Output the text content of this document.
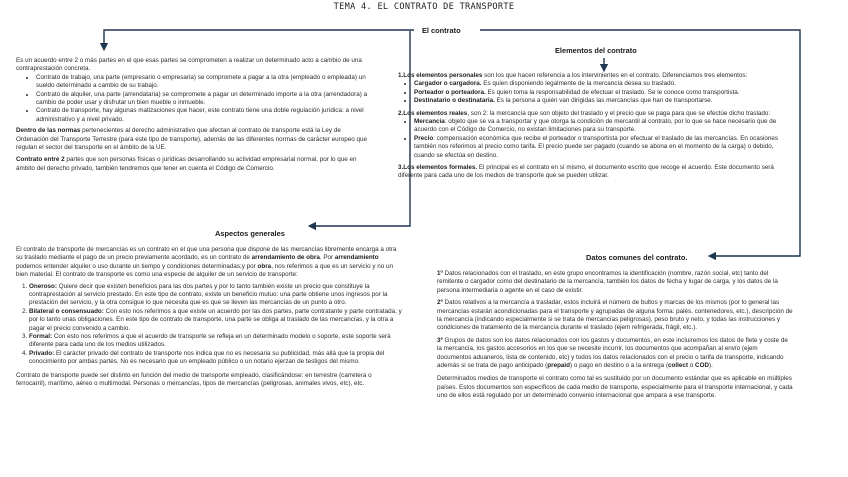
TEMA 4. EL CONTRATO DE TRANSPORTE
El contrato
Elementos del contrato
Aspectos generales
Datos comunes del contrato.

Es un acuerdo entre 2 o más partes en el que esas partes se comprometen a realizar un determinado acto a cambio de una contraprestación concreta.

• Contrato de trabajo, una parte (empresario o empresaria) se compromete a pagar a la otra (empleado o empleada) un sueldo determinado a cambio de su trabajo.
• Contrato de alquiler, una parte (arrendataria) se compromete a pagar un determinado importe a la otra (arrendadora) a cambio de poder usar y disfrutar un bien mueble o inmueble.
• Contrato de transporte, hay algunas matizaciones que hacer, este contrato tiene una doble regulación jurídica: a nivel administrativo y a nivel privado.

Dentro de las normas pertenecientes al derecho administrativo que afectan al contrato de transporte está la Ley de Ordenación del Transporte Terrestre (para este tipo de transporte), además de las diferentes normas de carácter europeo que regulan el sector del transporte en el ámbito de la UE.

Contrato entre 2 partes que son personas físicas o jurídicas desarrollando su actividad empresarial normal, por lo que en ámbito del derecho privado, también tendremos que tener en cuenta el Código de Comercio.

El contrato de transporte de mercancías es un contrato en el que una persona que dispone de las mercancías libremente encarga a otra su traslado mediante el pago de un precio previamente acordado, es un contrato de arrendamiento de obra. Por arrendamiento podemos entender alquiler o uso durante un tiempo y condiciones determinadas;y por obra, nos referimos a que es un servicio y no un bien material. El contrato de transporte es como una especie de alquiler de un servicio de transporte:

1. Oneroso: Quiere decir que existen beneficios para las dos partes y por lo tanto también existe un precio que constituye la contraprestación al servicio prestado. En este tipo de contrato, existe un beneficio mutuo: una parte obtiene unos ingresos por la prestación del servicio, y la otra consigue lo que necesita que es que se lleven las mercancías de un punto a otro.
2. Bilateral o consensuado: Con esto nos referimos a que existe un acuerdo por las dos partes, parte contratante y parte contratada, y por lo tanto unas obligaciones. En este tipo de contrato de transporte, una parte se obliga al traslado de las mercancías, y la otra a pagar el precio convenido a cambio.
3. Formal: Con esto nos referimos a que el acuerdo de transporte se refleja en un determinado modelo o soporte, este soporte será diferente para cada uno de los medios utilizados.
4. Privado: El carácter privado del contrato de transporte nos indica que no es necesaria su publicidad, más allá que la propia del conocimiento por ambas partes. No es necesario que un empleado público o un notario ejerzan de testigos del mismo.

Contrato de transporte puede ser distinto en función del medio de transporte empleado, clasificándose: en terrestre (carretera o ferrocarril), marítimo, aéreo o multimodal. Personas o mercancías, tipos de mercancías (peligrosas, animales vivos, etc), etc.

1.Los elementos personales son los que hacen referencia a los intervinientes en el contrato. Diferenciamos tres elementos:

• Cargador o cargadora. Es quien disponiendo legalmente de la mercancía desea su traslado.
• Porteador o porteadora. Es quien toma la responsabilidad de efectuar el traslado. Se le conoce como transportista.
• Destinatario o destinataria. Es la persona a quién van dirigidas las mercancías que han de transportarse.

2.Los elementos reales, son 2: la mercancía que son objeto del traslado y el precio que se paga para que se efectúe dicho traslado:

• Mercancía: objeto que se va a transportar y que otorga la condición de mercantil al contrato, por lo que se hace necesario que de acuerdo con el Código de Comercio, no existan limitaciones para su transporte.
• Precio: compensación económica que recibe el porteador o transportista por efectuar el traslado de las mercancías. En ocasiones también nos referimos al precio como tarifa. El precio puede ser pagado (cuando se abona en el momento de la carga) o debido, cuando se efectúa en destino.

3.Los elementos formales. El principal es el contrato en sí mismo, el documento escrito que recoge el acuerdo. Este documento será diferente para cada uno de los medios de transporte que se pueden utilizar.

1º Datos relacionados con el traslado, en este grupo encontramos la identificación (nombre, razón social, etc) tanto del remitente o cargador como del destinatario de la mercancía, también los datos de fecha y lugar de carga, y los datos de la persona intermediaria o agente en el caso de existir.

2º Datos relativos a la mercancía a trasladar, estos incluirá el número de bultos y marcas de los mismos (por lo general las mercancías estarán acondicionadas para el transporte y agrupadas de alguna forma: palés, contenedores, etc.), descripción de la mercancía (indicando especialmente si se trata de mercancías peligrosas), peso bruto y neto, y todas las instrucciones y condiciones de tratamiento de la mercancía durante el traslado (ejem refrigerada, frágil, etc.).

3º Grupos de datos son los datos relacionados con los gastos y documentos, en este incluiremos los datos de flete y coste de la mercancía, los gastos accesorios en los que se necesite incurrir, los documentos que acompañan al envío (ejem documentos aduaneros, lista de contenido, etc) y todos los datos relacionados con el precio o tarifa de transporte, indicando además si se trata de pago anticipado (prepaid) o pago en destino o a la entrega (collect o COD).

Determinados medios de transporte el contrato como tal es sustituido por un documento estándar que es aplicable en múltiples países. Estos documentos son específicos de cada medio de transporte, especialmente para el transporte internacional, y cada uno de ellos está regulado por un determinado convenio internacional que ampara a ese transporte.
